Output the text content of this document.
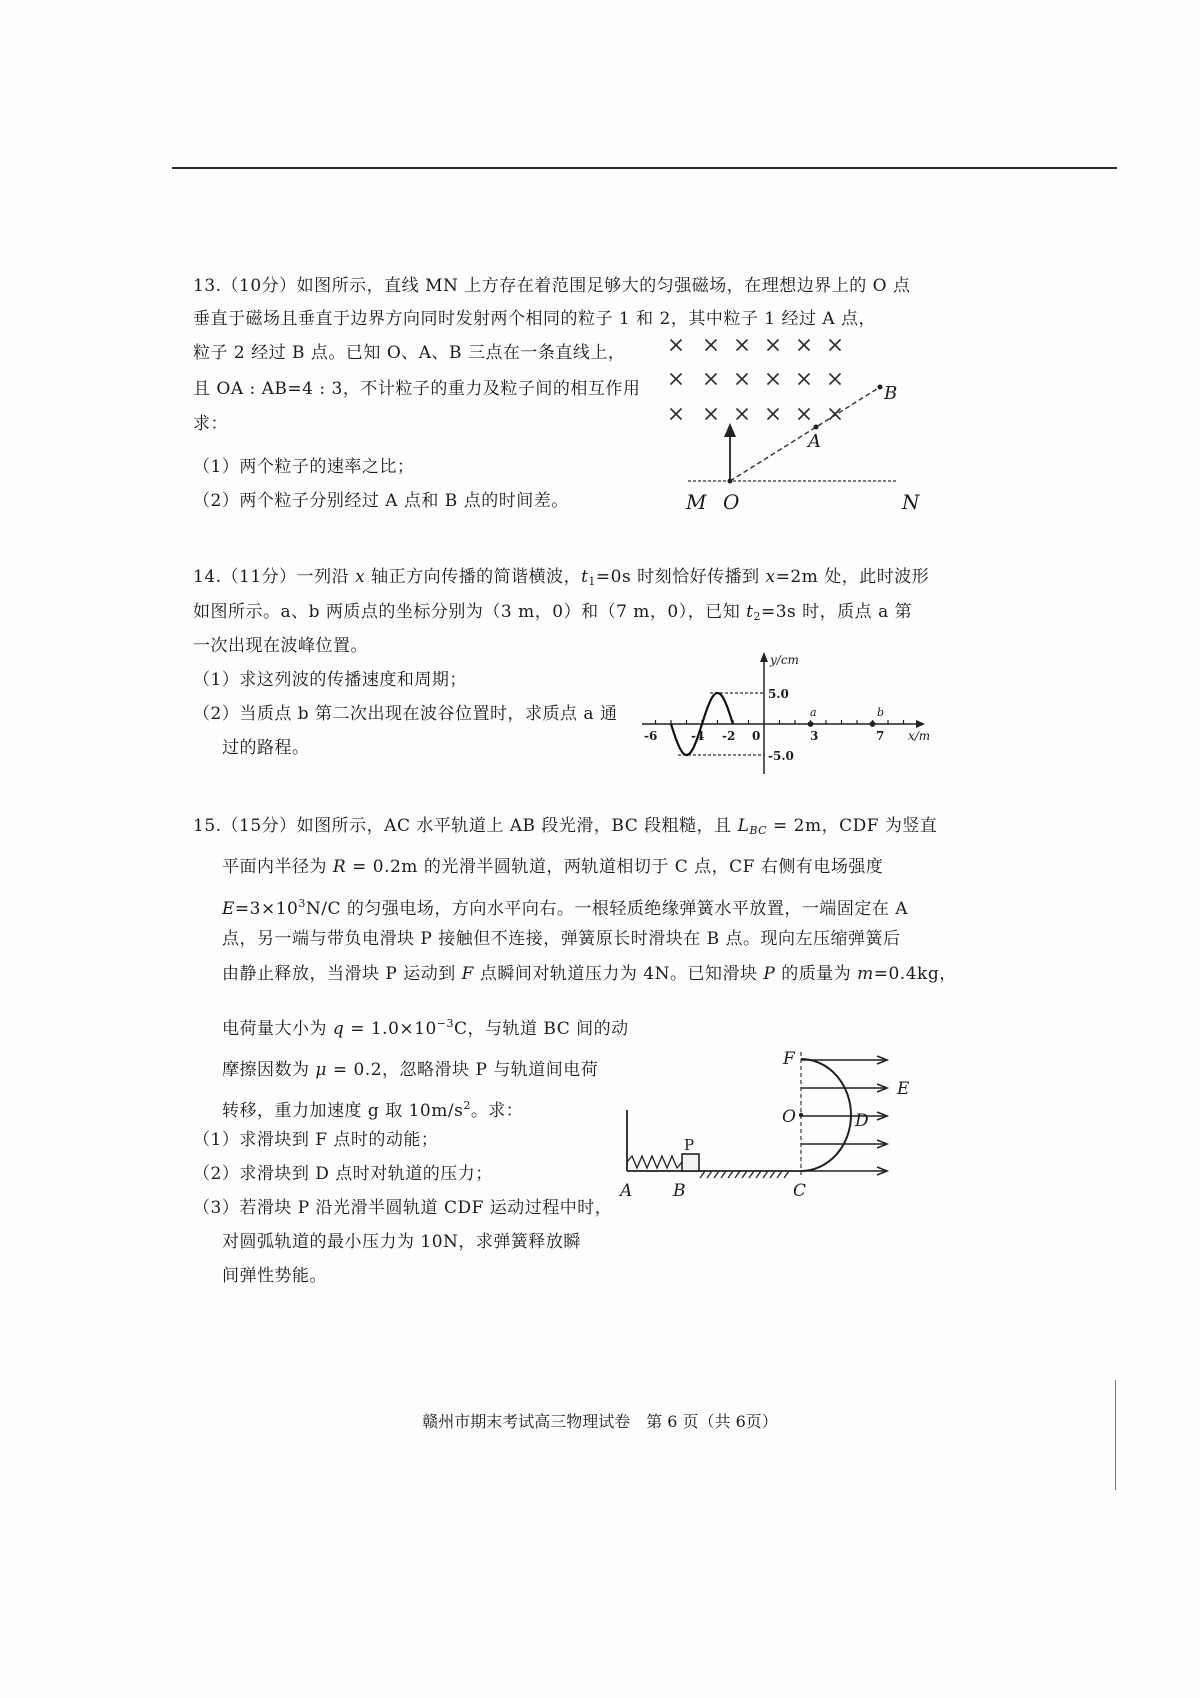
13.（10分）如图所示，直线 MN 上方存在着范围足够大的匀强磁场，在理想边界上的 O 点
垂直于磁场且垂直于边界方向同时发射两个相同的粒子 1 和 2，其中粒子 1 经过 A 点，
粒子 2 经过 B 点。已知 O、A、B 三点在一条直线上，
且 OA : AB=4 : 3，不计粒子的重力及粒子间的相互作用
求：
（1）两个粒子的速率之比；
（2）两个粒子分别经过 A 点和 B 点的时间差。	M O	N
A
B
14.（11分）一列沿 x 轴正方向传播的简谐横波，$t_1=0s$ 时刻恰好传播到 x=2m 处，此时波形
如图所示。a、b 两质点的坐标分别为（3 m，0）和（7 m，0），已知 $t_2=3s$ 时，质点 a 第
一次出现在波峰位置。
（1）求这列波的传播速度和周期；
（2）当质点 b 第二次出现在波谷位置时，求质点 a 通
过的路程。
y/cm
x/m
5.0
-5.0
-6	-4 -2 0	3	7
a	b
15.（15分）如图所示，AC 水平轨道上 AB 段光滑，BC 段粗糙，且 $L_{BC} = 2m$，CDF 为竖直
平面内半径为 R = 0.2m 的光滑半圆轨道，两轨道相切于 C 点，CF 右侧有电场强度
$E=3\times 10^3N/C$ 的匀强电场，方向水平向右。一根轻质绝缘弹簧水平放置，一端固定在 A
点，另一端与带负电滑块 P 接触但不连接，弹簧原长时滑块在 B 点。现向左压缩弹簧后
由静止释放，当滑块 P 运动到 F 点瞬间对轨道压力为 4N。已知滑块 P 的质量为 m=0.4kg，
电荷量大小为 $q = 1.0\times 10^{-3}C$，与轨道 BC 间的动
摩擦因数为 μ = 0.2，忽略滑块 P 与轨道间电荷
转移，重力加速度 g 取 $10m/s^2$。求：
（1）求滑块到 F 点时的动能；
（2）求滑块到 D 点时对轨道的压力；
（3）若滑块 P 沿光滑半圆轨道 CDF 运动过程中时，
对圆弧轨道的最小压力为 10N，求弹簧释放瞬
间弹性势能。
F
E
O	D
P
A B	C
赣州市期末考试高三物理试卷　第 6 页（共 6页）
